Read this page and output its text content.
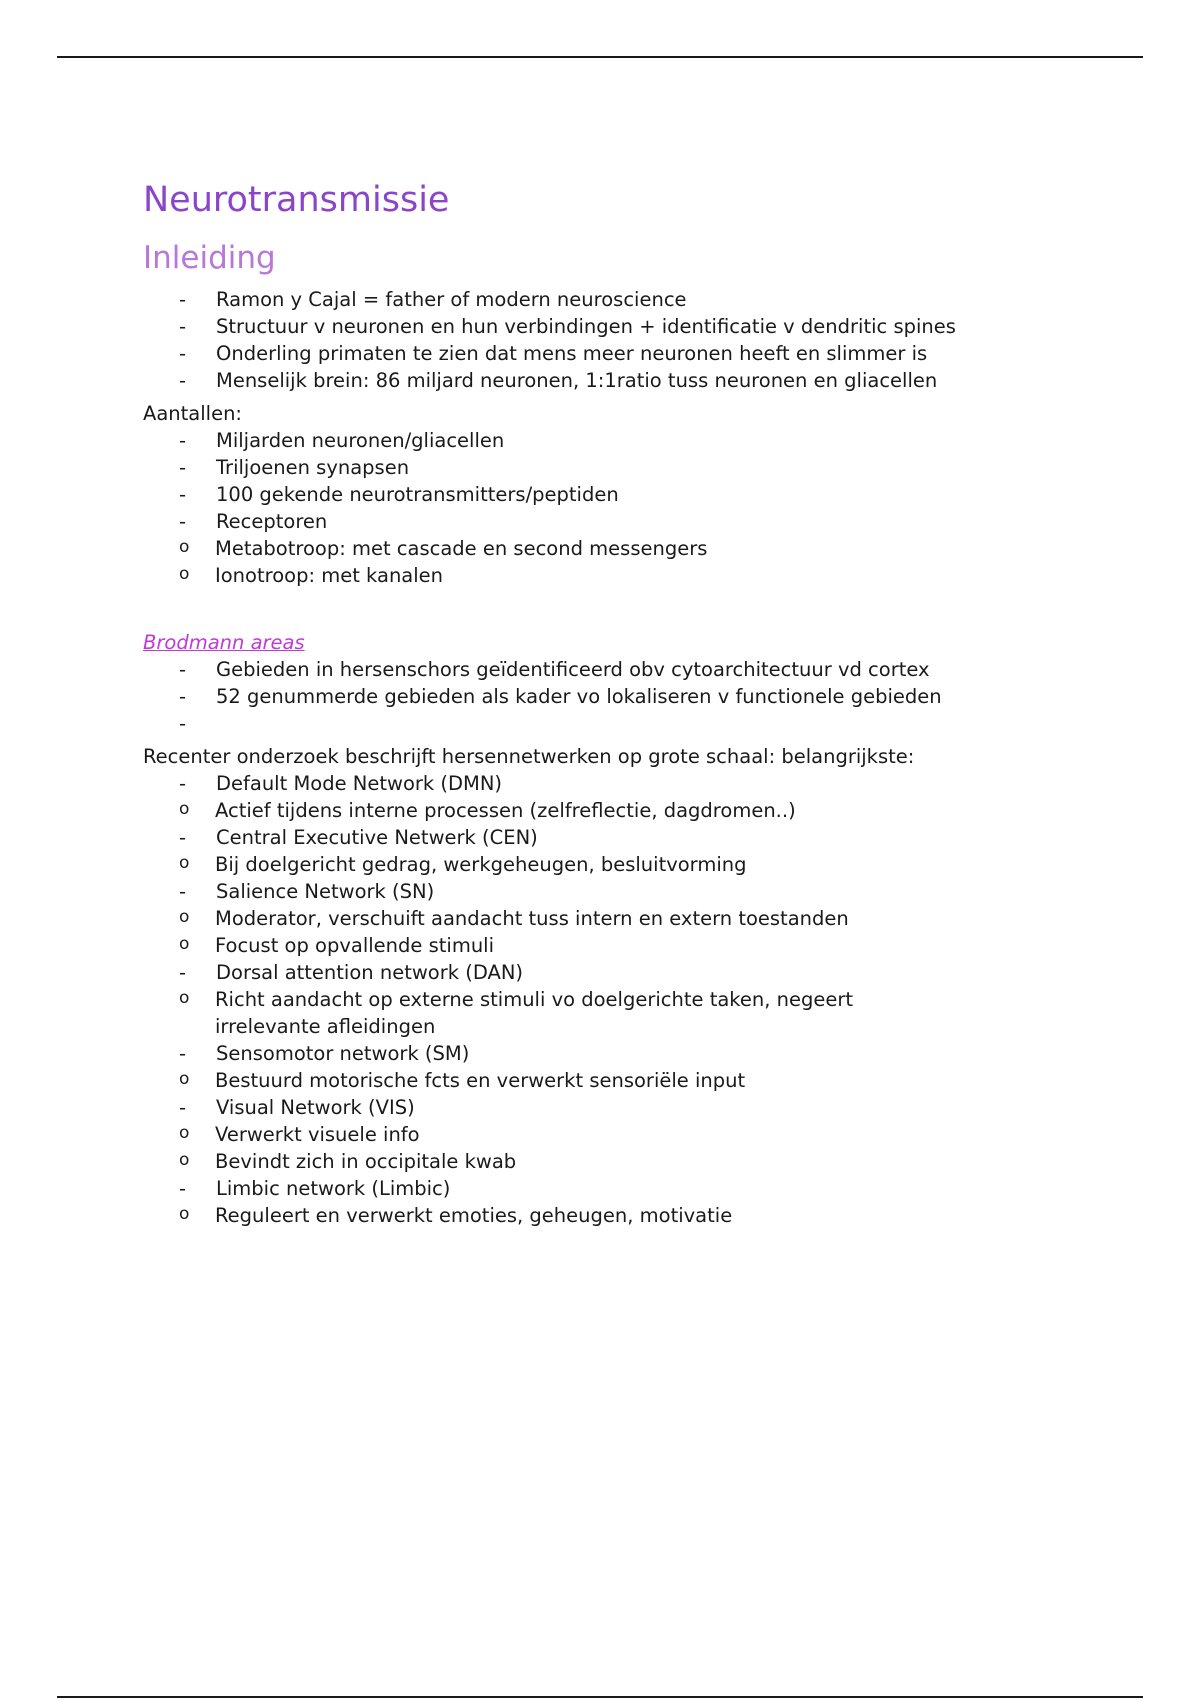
Neurotransmissie
Inleiding
- Ramon y Cajal = father of modern neuroscience
- Structuur v neuronen en hun verbindingen + identificatie v dendritic spines
- Onderling primaten te zien dat mens meer neuronen heeft en slimmer is
- Menselijk brein: 86 miljard neuronen, 1:1ratio tuss neuronen en gliacellen
Aantallen:
- Miljarden neuronen/gliacellen
- Triljoenen synapsen
- 100 gekende neurotransmitters/peptiden
- Receptoren
o Metabotroop: met cascade en second messengers
o Ionotroop: met kanalen
Brodmann areas
- Gebieden in hersenschors geïdentificeerd obv cytoarchitectuur vd cortex
- 52 genummerde gebieden als kader vo lokaliseren v functionele gebieden
-
Recenter onderzoek beschrijft hersennetwerken op grote schaal: belangrijkste:
- Default Mode Network (DMN)
o Actief tijdens interne processen (zelfreflectie, dagdromen..)
- Central Executive Netwerk (CEN)
o Bij doelgericht gedrag, werkgeheugen, besluitvorming
- Salience Network (SN)
o Moderator, verschuift aandacht tuss intern en extern toestanden
o Focust op opvallende stimuli
- Dorsal attention network (DAN)
o Richt aandacht op externe stimuli vo doelgerichte taken, negeert irrelevante afleidingen
- Sensomotor network (SM)
o Bestuurd motorische fcts en verwerkt sensoriële input
- Visual Network (VIS)
o Verwerkt visuele info
o Bevindt zich in occipitale kwab
- Limbic network (Limbic)
o Reguleert en verwerkt emoties, geheugen, motivatie
